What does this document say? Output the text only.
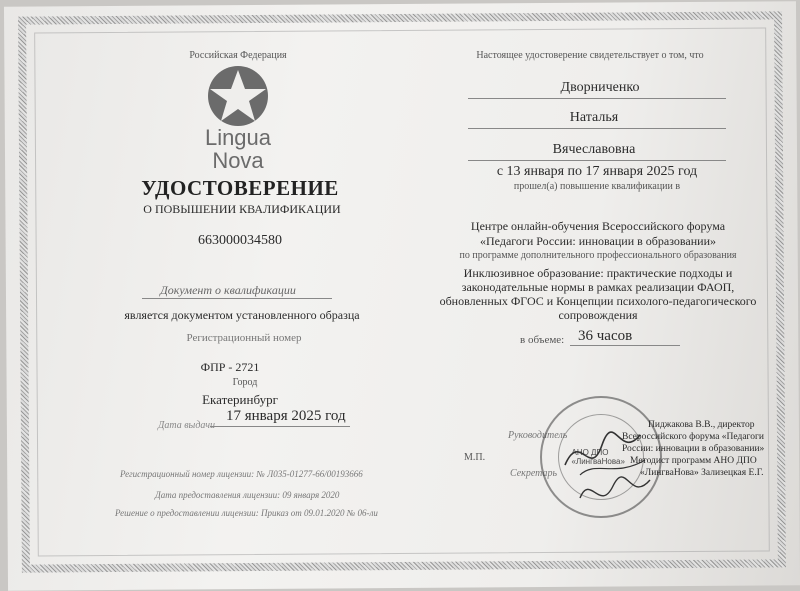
Российская Федерация
Lingua
Nova
УДОСТОВЕРЕНИЕ
О ПОВЫШЕНИИ КВАЛИФИКАЦИИ
663000034580
Документ о квалификации
является документом установленного образца
Регистрационный номер
ФПР - 2721
Город
Екатеринбург
Дата выдачи
17 января 2025 год
Регистрационный номер лицензии: № Л035-01277-66/00193666
Дата предоставления лицензии: 09 января 2020
Решение о предоставлении лицензии: Приказ от 09.01.2020 № 06-ли
Настоящее удостоверение свидетельствует о том, что
Дворниченко
Наталья
Вячеславовна
с 13 января по 17 января 2025 год
прошел(а) повышение квалификации в
Центре онлайн-обучения Всероссийского форума
«Педагоги России: инновации в образовании»
по программе дополнительного профессионального образования
Инклюзивное образование: практические подходы и
законодательные нормы в рамках реализации ФАОП,
обновленных ФГОС и Концепции психолого-педагогического
сопровождения
в объеме: 36 часов
Руководитель
М.П.
Секретарь
АНО ДПО «ЛингваНова»
Пиджакова В.В., директор
Всероссийского форума «Педагоги
России: инновации в образовании»
Методист программ АНО ДПО
«ЛингваНова» Зализецкая Е.Г.
